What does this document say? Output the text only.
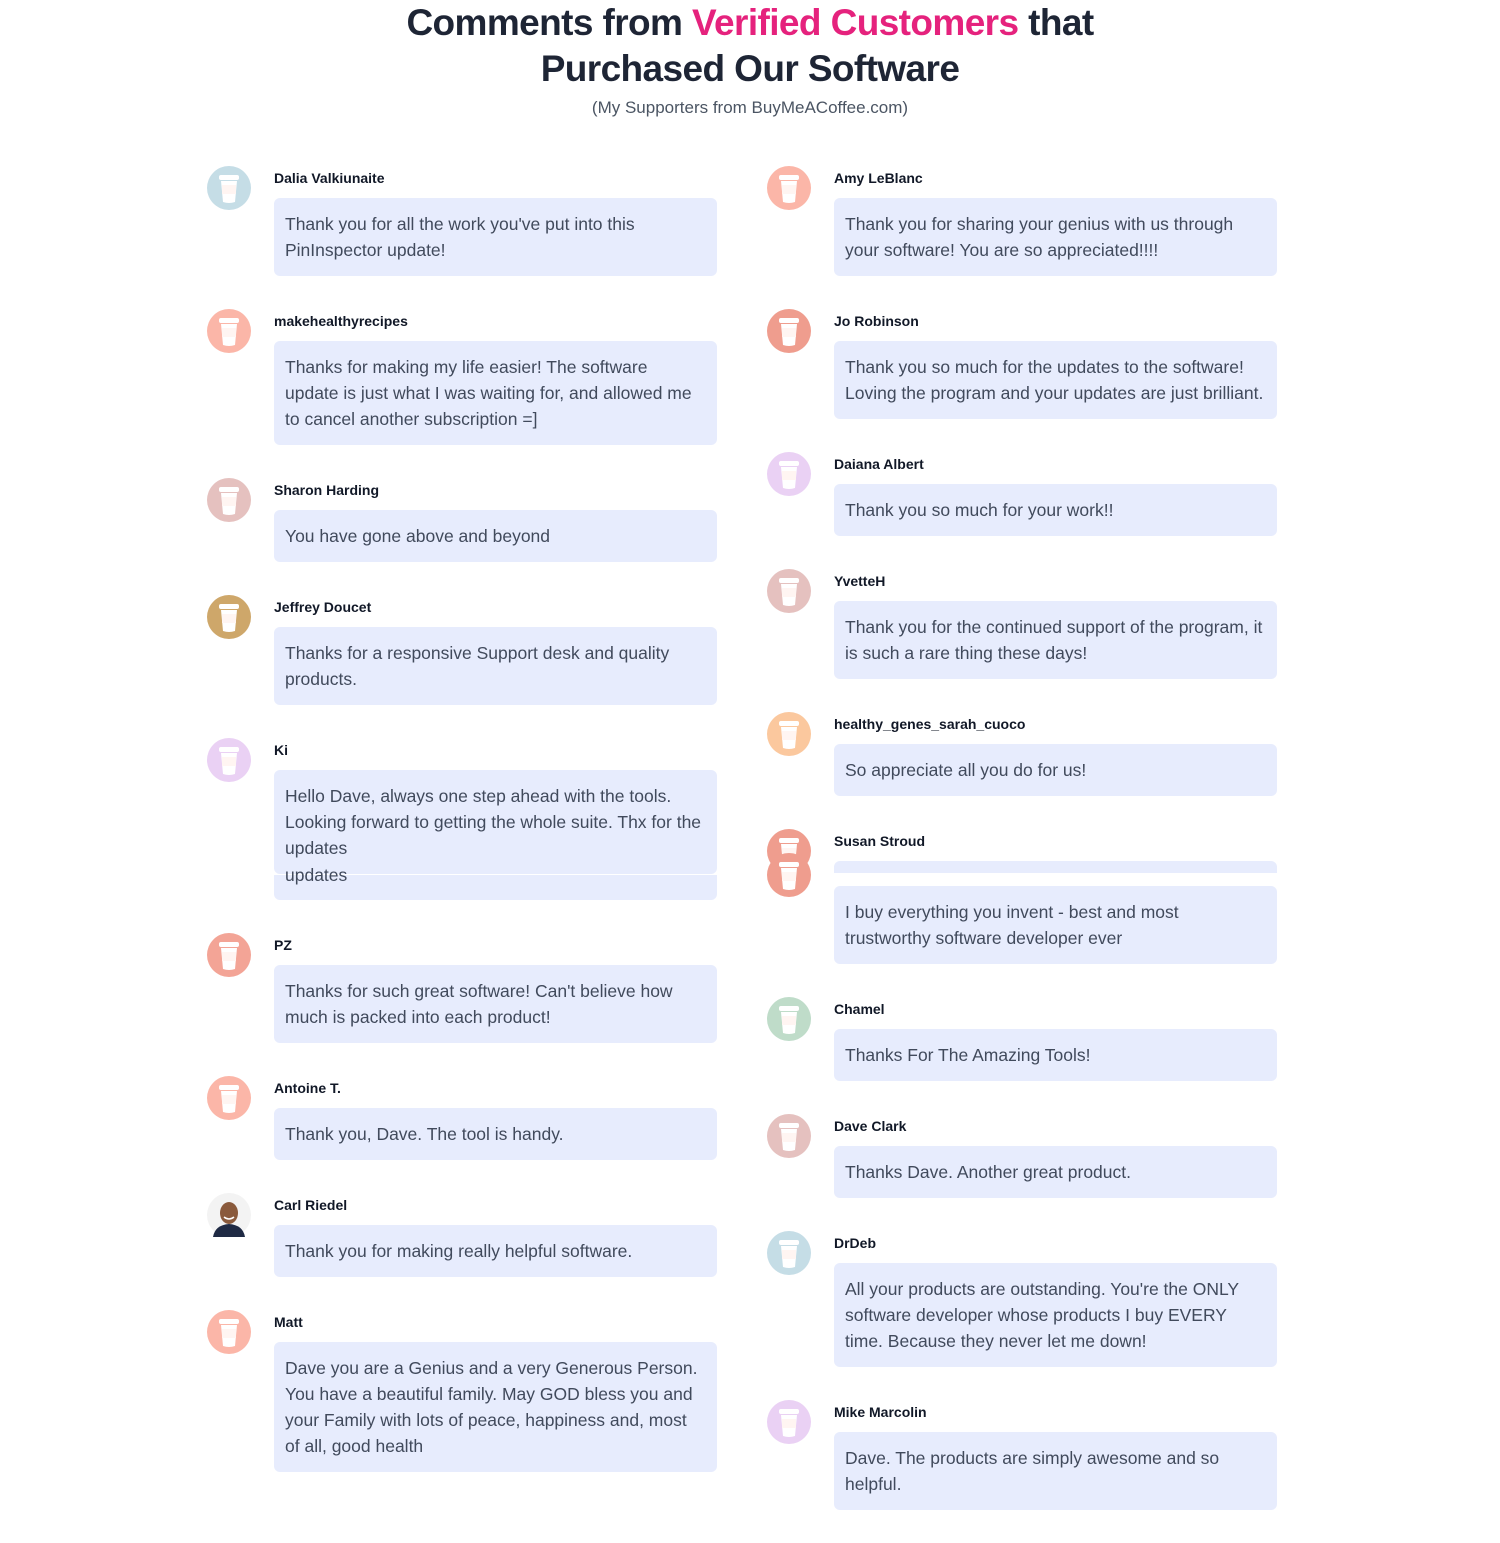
Comments from Verified Customers that
Purchased Our Software
(My Supporters from BuyMeACoffee.com)
Dalia Valkiunaite
Thank you for all the work you've put into this PinInspector update!
makehealthyrecipes
Thanks for making my life easier! The software update is just what I was waiting for, and allowed me to cancel another subscription =]
Sharon Harding
You have gone above and beyond
Jeffrey Doucet
Thanks for a responsive Support desk and quality products.
Ki
Hello Dave, always one step ahead with the tools. Looking forward to getting the whole suite. Thx for the updates
updates
PZ
Thanks for such great software! Can't believe how much is packed into each product!
Antoine T.
Thank you, Dave. The tool is handy.
Carl Riedel
Thank you for making really helpful software.
Matt
Dave you are a Genius and a very Generous Person. You have a beautiful family. May GOD bless you and your Family with lots of peace, happiness and, most of all, good health
Amy LeBlanc
Thank you for sharing your genius with us through your software! You are so appreciated!!!!
Jo Robinson
Thank you so much for the updates to the software! Loving the program and your updates are just brilliant.
Daiana Albert
Thank you so much for your work!!
YvetteH
Thank you for the continued support of the program, it is such a rare thing these days!
healthy_genes_sarah_cuoco
So appreciate all you do for us!
Susan Stroud
I buy everything you invent - best and most trustworthy software developer ever
Chamel
Thanks For The Amazing Tools!
Dave Clark
Thanks Dave. Another great product.
DrDeb
All your products are outstanding. You're the ONLY software developer whose products I buy EVERY time. Because they never let me down!
Mike Marcolin
Dave. The products are simply awesome and so helpful.
